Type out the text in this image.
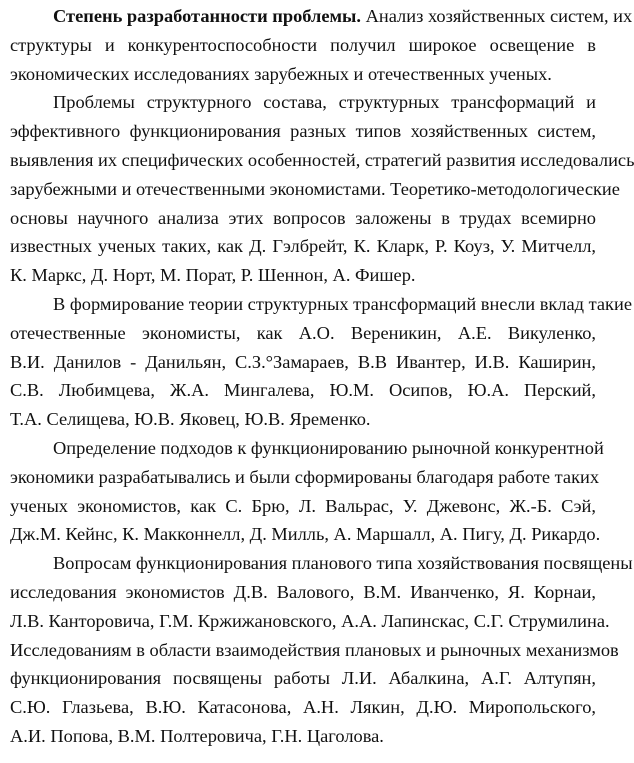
Степень разработанности проблемы. Анализ хозяйственных систем, их
структуры и конкурентоспособности получил широкое освещение в
экономических исследованиях зарубежных и отечественных ученых.
Проблемы структурного состава, структурных трансформаций и
эффективного функционирования разных типов хозяйственных систем,
выявления их специфических особенностей, стратегий развития исследовались
зарубежными и отечественными экономистами. Теоретико-методологические
основы научного анализа этих вопросов заложены в трудах всемирно
известных ученых таких, как Д. Гэлбрейт, К. Кларк, Р. Коуз, У. Митчелл,
К. Маркс, Д. Норт, М. Порат, Р. Шеннон, А. Фишер.
В формирование теории структурных трансформаций внесли вклад такие
отечественные экономисты, как А.О. Вереникин, А.Е. Викуленко,
В.И. Данилов - Данильян, С.З.°Замараев, В.В Ивантер, И.В. Каширин,
С.В. Любимцева, Ж.А. Мингалева, Ю.М. Осипов, Ю.А. Перский,
Т.А. Селищева, Ю.В. Яковец, Ю.В. Яременко.
Определение подходов к функционированию рыночной конкурентной
экономики разрабатывались и были сформированы благодаря работе таких
ученых экономистов, как С. Брю, Л. Вальрас, У. Джевонс, Ж.-Б. Сэй,
Дж.М. Кейнс, К. Макконнелл, Д. Милль, А. Маршалл, А. Пигу, Д. Рикардо.
Вопросам функционирования планового типа хозяйствования посвящены
исследования экономистов Д.В. Валового, В.М. Иванченко, Я. Корнаи,
Л.В. Канторовича, Г.М. Кржижановского, А.А. Лапинскас, С.Г. Струмилина.
Исследованиям в области взаимодействия плановых и рыночных механизмов
функционирования посвящены работы Л.И. Абалкина, А.Г. Алтупян,
С.Ю. Глазьева, В.Ю. Катасонова, А.Н. Лякин, Д.Ю. Миропольского,
А.И. Попова, В.М. Полтеровича, Г.Н. Цаголова.
